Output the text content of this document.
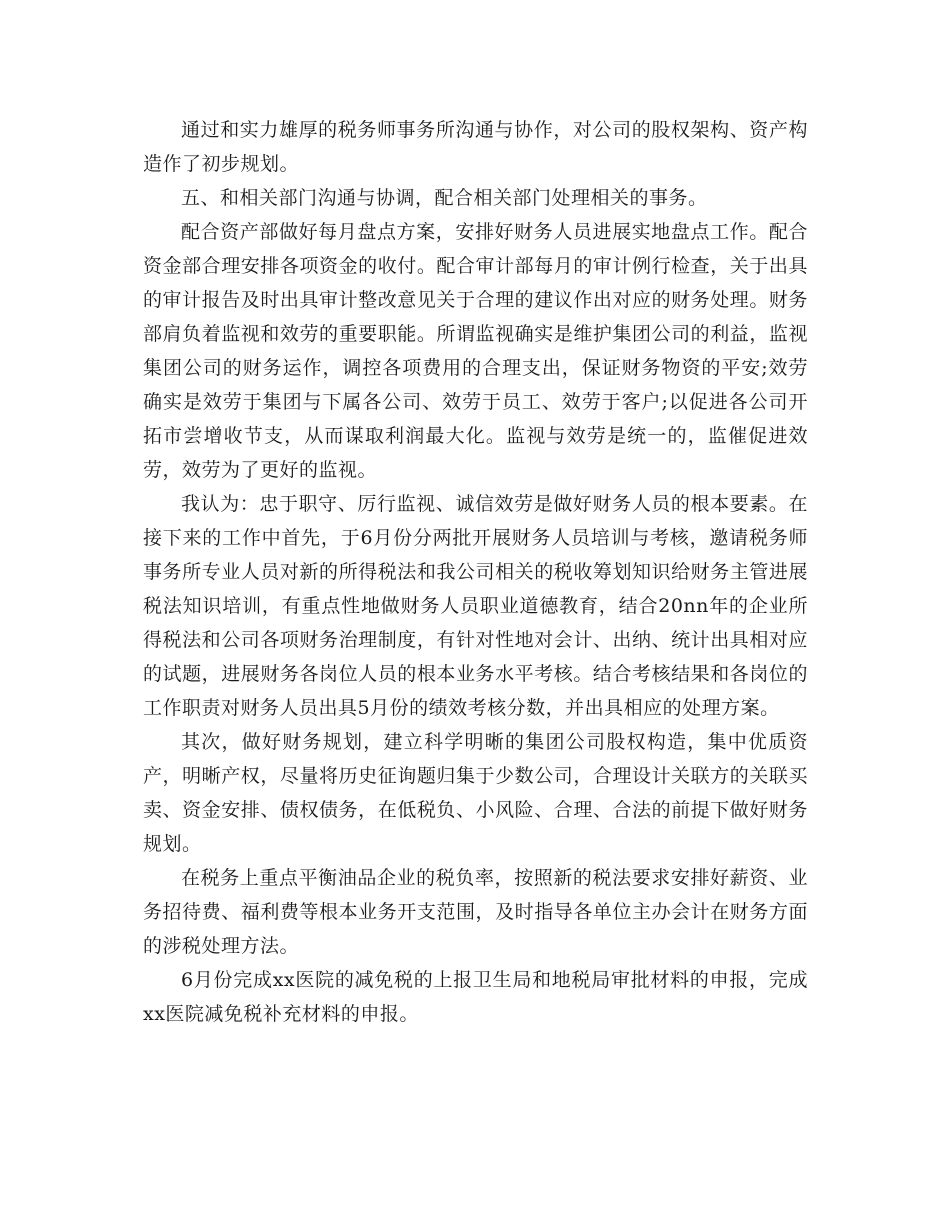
通过和实力雄厚的税务师事务所沟通与协作，对公司的股权架构、资产构造作了初步规划。

五、和相关部门沟通与协调，配合相关部门处理相关的事务。

配合资产部做好每月盘点方案，安排好财务人员进展实地盘点工作。配合资金部合理安排各项资金的收付。配合审计部每月的审计例行检查，关于出具的审计报告及时出具审计整改意见关于合理的建议作出对应的财务处理。财务部肩负着监视和效劳的重要职能。所谓监视确实是维护集团公司的利益，监视集团公司的财务运作，调控各项费用的合理支出，保证财务物资的平安;效劳确实是效劳于集团与下属各公司、效劳于员工、效劳于客户;以促进各公司开拓市尝增收节支，从而谋取利润最大化。监视与效劳是统一的，监催促进效劳，效劳为了更好的监视。

我认为：忠于职守、厉行监视、诚信效劳是做好财务人员的根本要素。在接下来的工作中首先，于6月份分两批开展财务人员培训与考核，邀请税务师事务所专业人员对新的所得税法和我公司相关的税收筹划知识给财务主管进展税法知识培训，有重点性地做财务人员职业道德教育，结合20nn年的企业所得税法和公司各项财务治理制度，有针对性地对会计、出纳、统计出具相对应的试题，进展财务各岗位人员的根本业务水平考核。结合考核结果和各岗位的工作职责对财务人员出具5月份的绩效考核分数，并出具相应的处理方案。

其次，做好财务规划，建立科学明晰的集团公司股权构造，集中优质资产，明晰产权，尽量将历史征询题归集于少数公司，合理设计关联方的关联买卖、资金安排、债权债务，在低税负、小风险、合理、合法的前提下做好财务规划。

在税务上重点平衡油品企业的税负率，按照新的税法要求安排好薪资、业务招待费、福利费等根本业务开支范围，及时指导各单位主办会计在财务方面的涉税处理方法。

6月份完成xx医院的减免税的上报卫生局和地税局审批材料的申报，完成xx医院减免税补充材料的申报。
